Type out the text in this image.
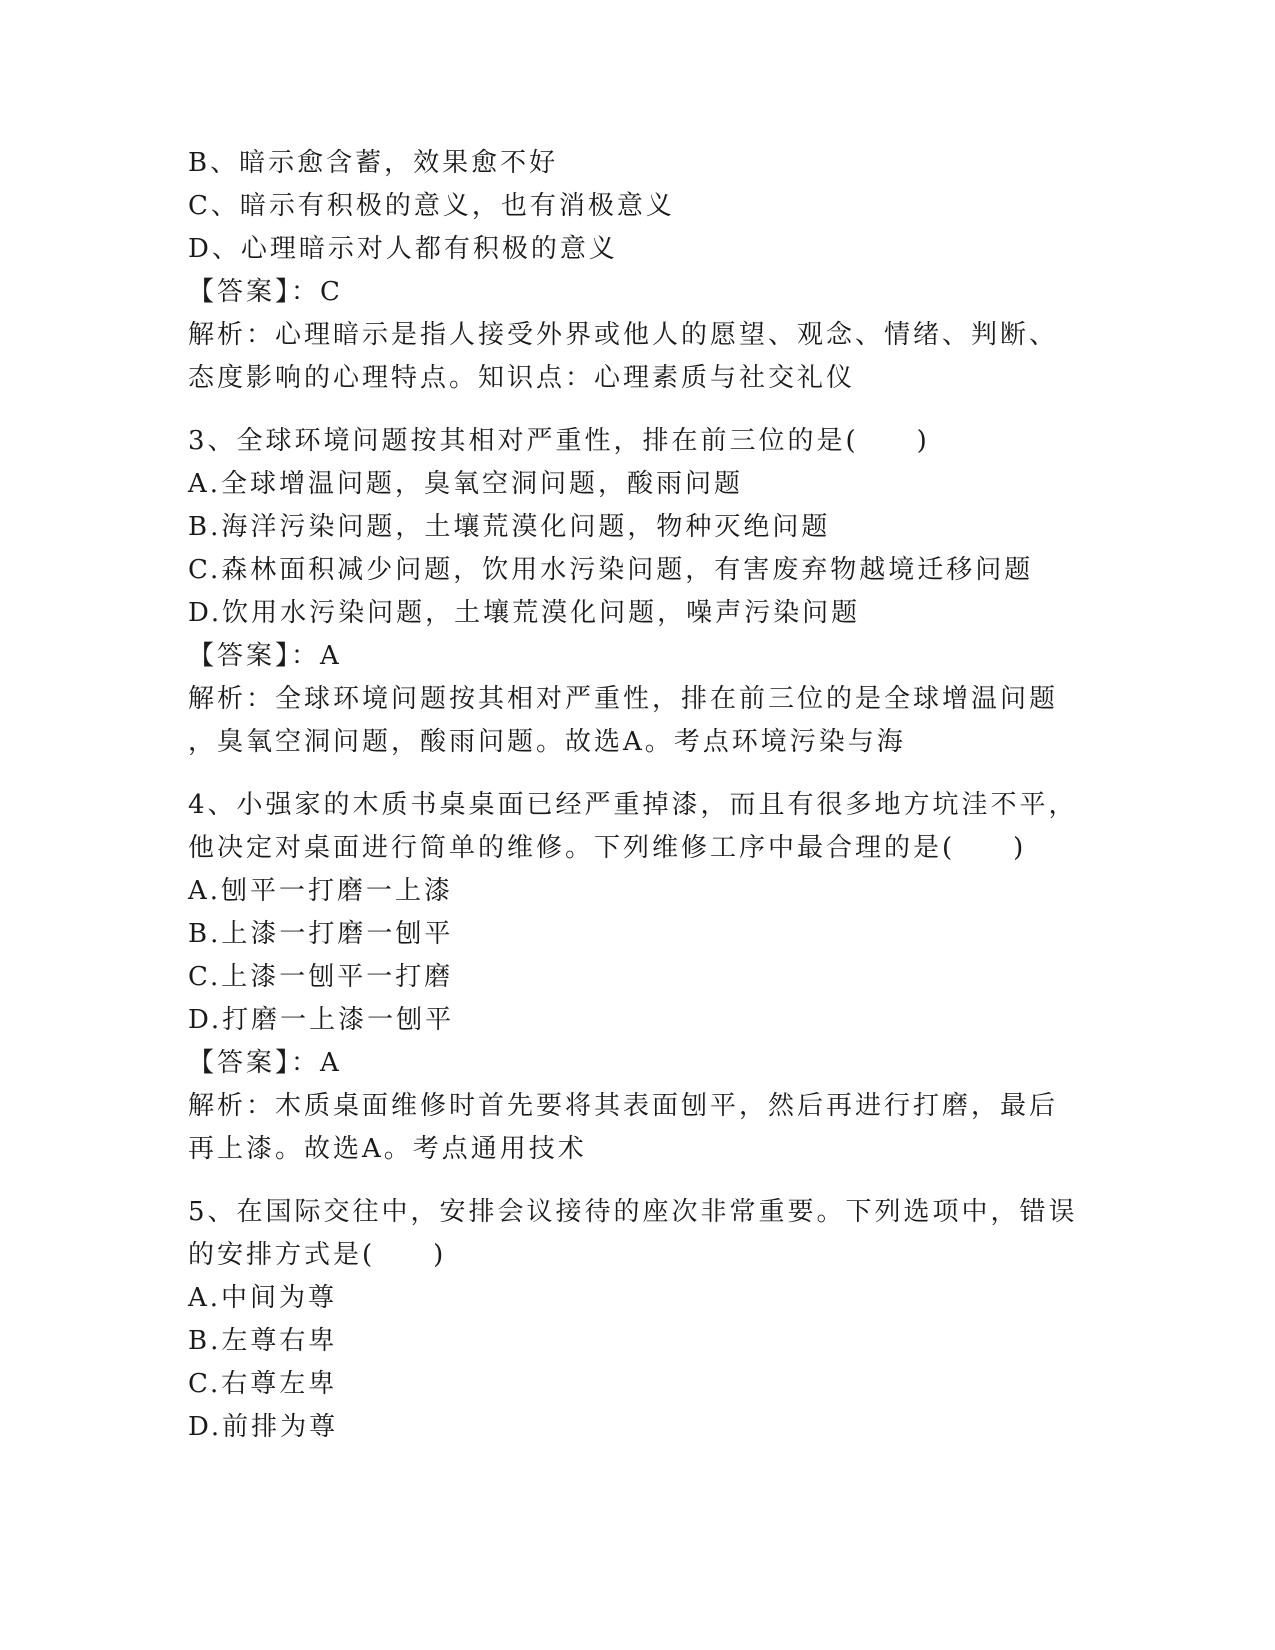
B、暗示愈含蓄，效果愈不好
C、暗示有积极的意义，也有消极意义
D、心理暗示对人都有积极的意义
【答案】：C
解析：心理暗示是指人接受外界或他人的愿望、观念、情绪、判断、
态度影响的心理特点。知识点：心理素质与社交礼仪
3、全球环境问题按其相对严重性，排在前三位的是(　　)
A.全球增温问题，臭氧空洞问题，酸雨问题
B.海洋污染问题，土壤荒漠化问题，物种灭绝问题
C.森林面积减少问题，饮用水污染问题，有害废弃物越境迁移问题
D.饮用水污染问题，土壤荒漠化问题，噪声污染问题
【答案】：A
解析：全球环境问题按其相对严重性，排在前三位的是全球增温问题
，臭氧空洞问题，酸雨问题。故选A。考点环境污染与海
4、小强家的木质书桌桌面已经严重掉漆，而且有很多地方坑洼不平，
他决定对桌面进行简单的维修。下列维修工序中最合理的是(　　)
A.刨平一打磨一上漆
B.上漆一打磨一刨平
C.上漆一刨平一打磨
D.打磨一上漆一刨平
【答案】：A
解析：木质桌面维修时首先要将其表面刨平，然后再进行打磨，最后
再上漆。故选A。考点通用技术
5、在国际交往中，安排会议接待的座次非常重要。下列选项中，错误
的安排方式是(　　)
A.中间为尊
B.左尊右卑
C.右尊左卑
D.前排为尊
